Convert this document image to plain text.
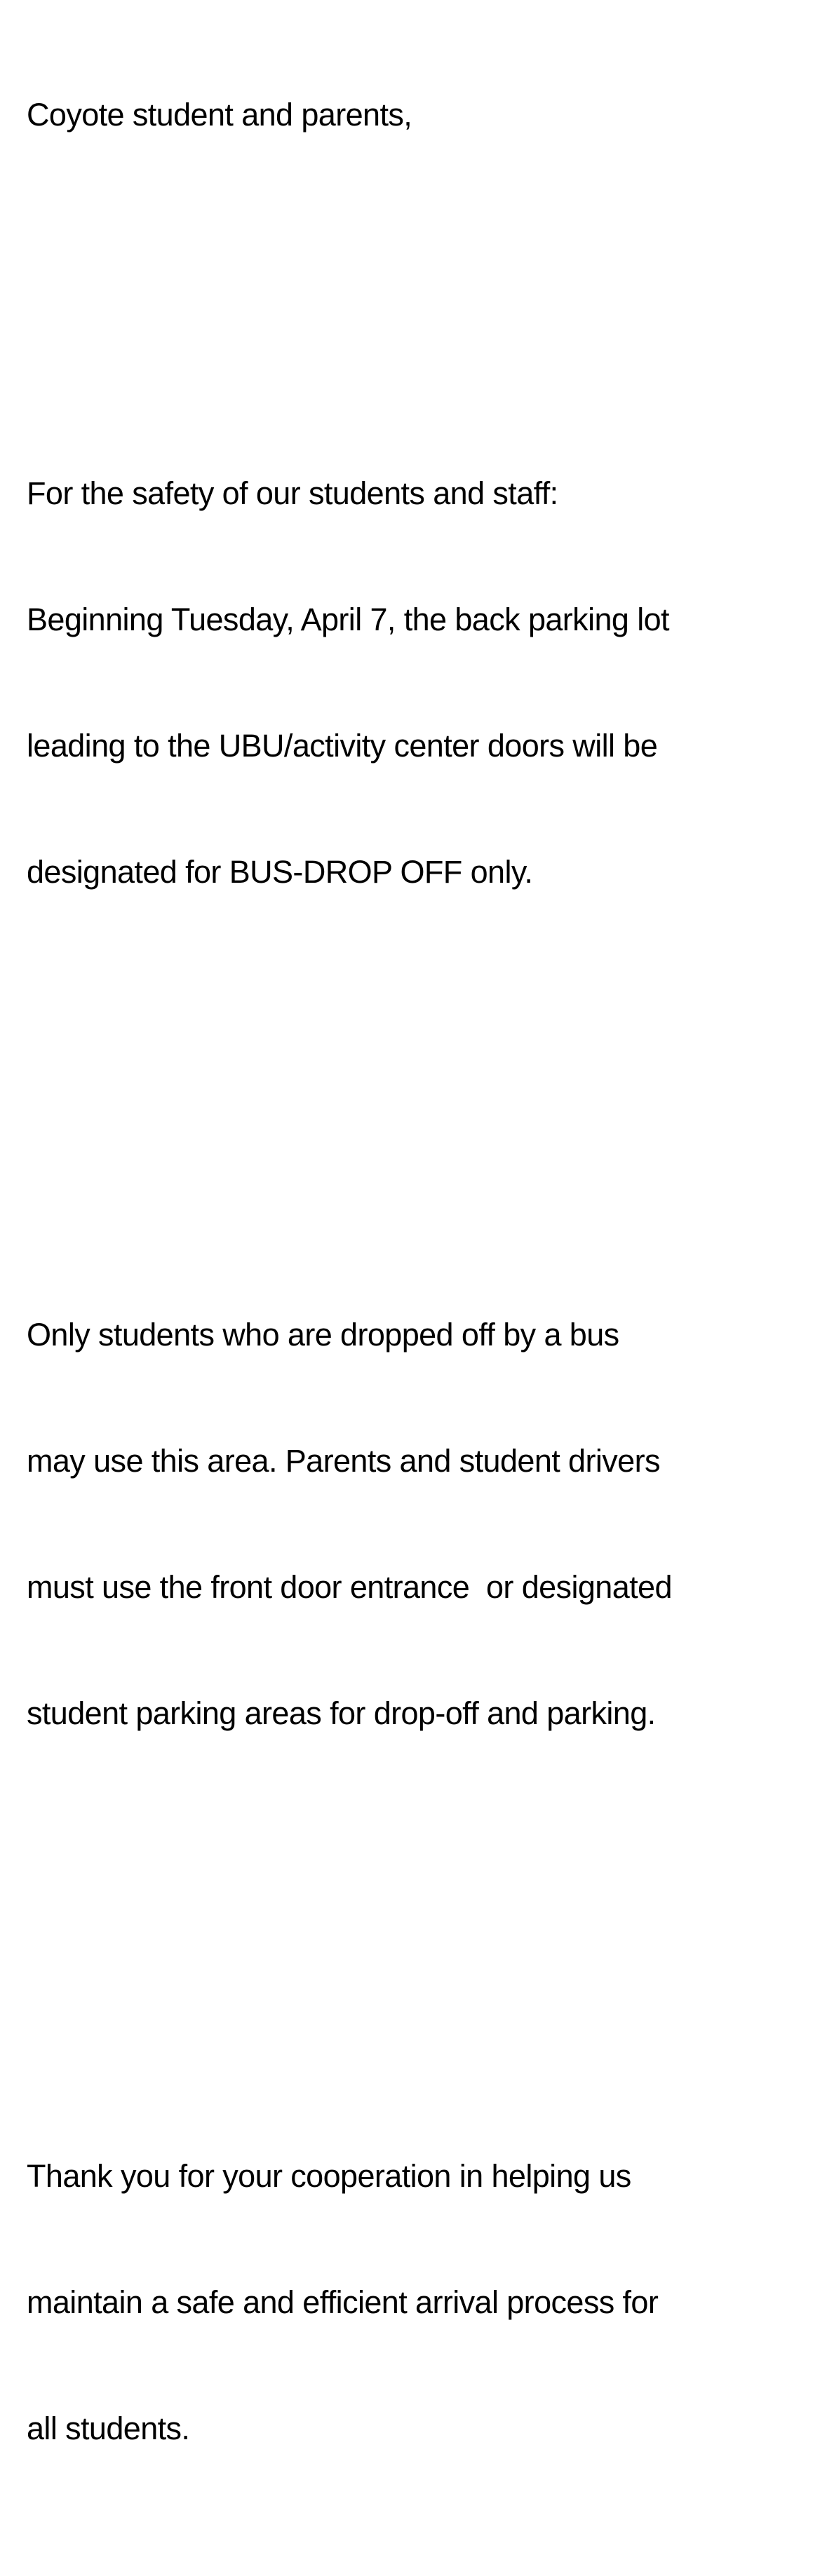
Coyote student and parents,

For the safety of our students and staff:

Beginning Tuesday, April 7, the back parking lot

leading to the UBU/activity center doors will be

designated for BUS-DROP OFF only.

Only students who are dropped off by a bus

may use this area. Parents and student drivers

must use the front door entrance  or designated

student parking areas for drop-off and parking.

Thank you for your cooperation in helping us

maintain a safe and efficient arrival process for

all students.
